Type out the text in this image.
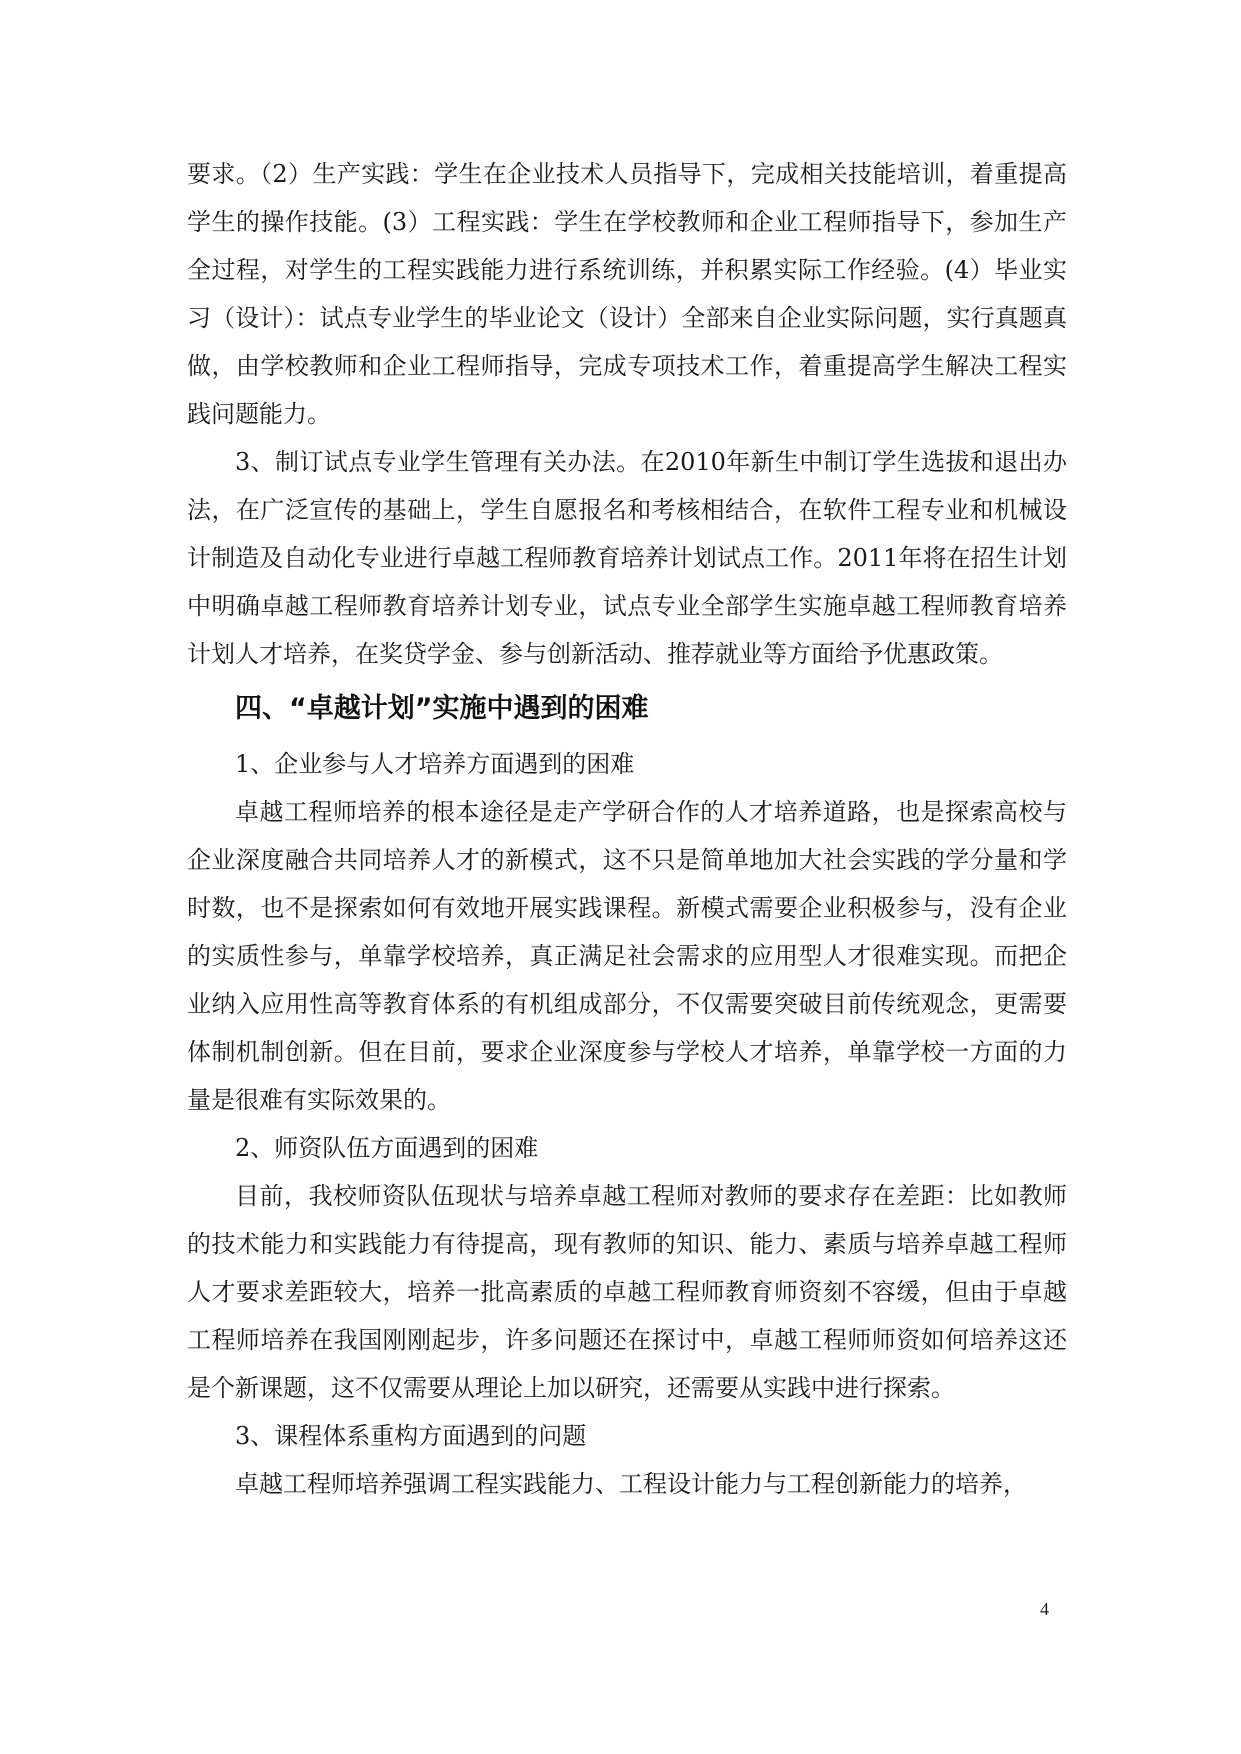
要求。（2）生产实践：学生在企业技术人员指导下，完成相关技能培训，着重提高学生的操作技能。(3）工程实践：学生在学校教师和企业工程师指导下，参加生产全过程，对学生的工程实践能力进行系统训练，并积累实际工作经验。(4）毕业实习（设计）：试点专业学生的毕业论文（设计）全部来自企业实际问题，实行真题真做，由学校教师和企业工程师指导，完成专项技术工作，着重提高学生解决工程实践问题能力。

3、制订试点专业学生管理有关办法。在2010年新生中制订学生选拔和退出办法，在广泛宣传的基础上，学生自愿报名和考核相结合，在软件工程专业和机械设计制造及自动化专业进行卓越工程师教育培养计划试点工作。2011年将在招生计划中明确卓越工程师教育培养计划专业，试点专业全部学生实施卓越工程师教育培养计划人才培养，在奖贷学金、参与创新活动、推荐就业等方面给予优惠政策。

四、“卓越计划”实施中遇到的困难

1、企业参与人才培养方面遇到的困难

卓越工程师培养的根本途径是走产学研合作的人才培养道路，也是探索高校与企业深度融合共同培养人才的新模式，这不只是简单地加大社会实践的学分量和学时数，也不是探索如何有效地开展实践课程。新模式需要企业积极参与，没有企业的实质性参与，单靠学校培养，真正满足社会需求的应用型人才很难实现。而把企业纳入应用性高等教育体系的有机组成部分，不仅需要突破目前传统观念，更需要体制机制创新。但在目前，要求企业深度参与学校人才培养，单靠学校一方面的力量是很难有实际效果的。

2、师资队伍方面遇到的困难

目前，我校师资队伍现状与培养卓越工程师对教师的要求存在差距：比如教师的技术能力和实践能力有待提高，现有教师的知识、能力、素质与培养卓越工程师人才要求差距较大，培养一批高素质的卓越工程师教育师资刻不容缓，但由于卓越工程师培养在我国刚刚起步，许多问题还在探讨中，卓越工程师师资如何培养这还是个新课题，这不仅需要从理论上加以研究，还需要从实践中进行探索。

3、课程体系重构方面遇到的问题

卓越工程师培养强调工程实践能力、工程设计能力与工程创新能力的培养，

4
